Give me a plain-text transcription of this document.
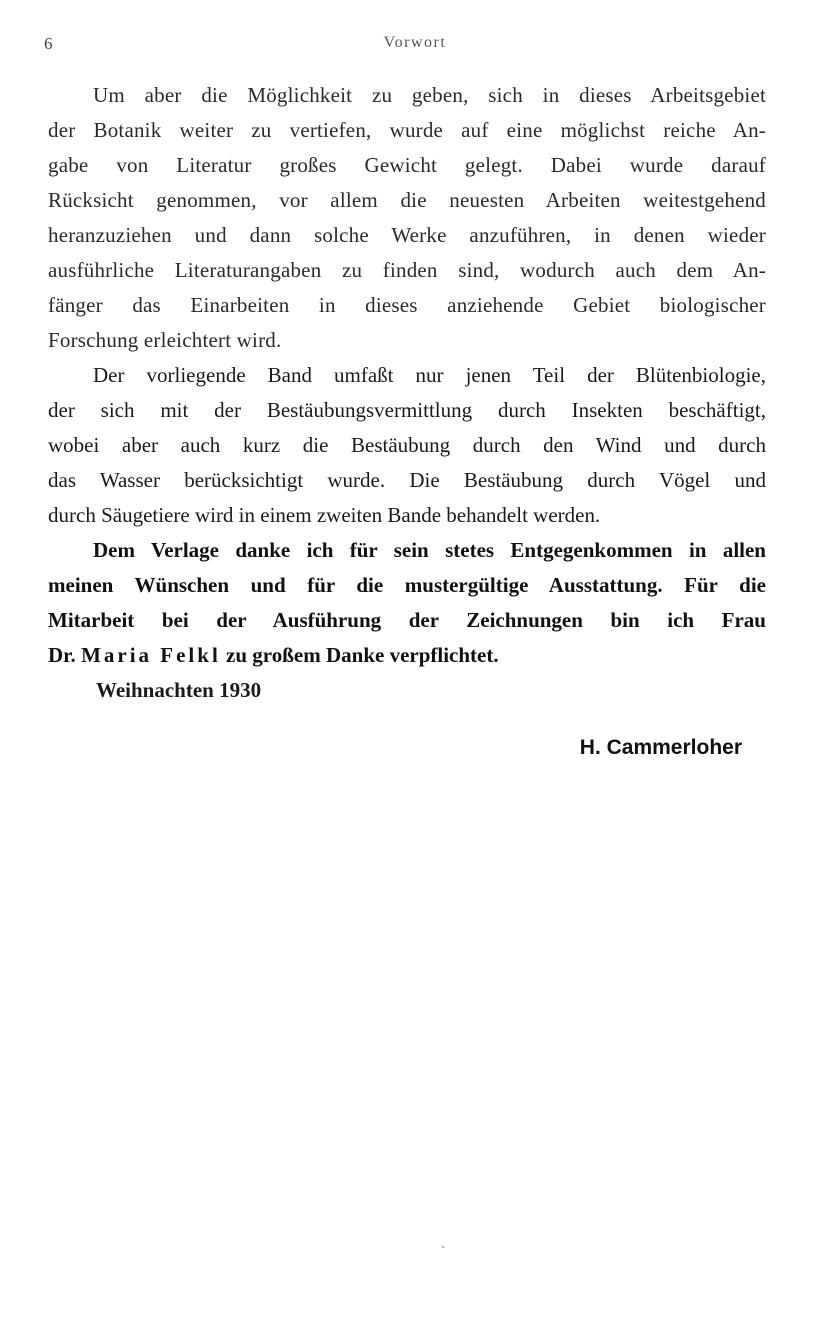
6	Vorwort

Um aber die Möglichkeit zu geben, sich in dieses Arbeitsgebiet
der Botanik weiter zu vertiefen, wurde auf eine möglichst reiche An-
gabe von Literatur großes Gewicht gelegt. Dabei wurde darauf
Rücksicht genommen, vor allem die neuesten Arbeiten weitestgehend
heranzuziehen und dann solche Werke anzuführen, in denen wieder
ausführliche Literaturangaben zu finden sind, wodurch auch dem An-
fänger das Einarbeiten in dieses anziehende Gebiet biologischer
Forschung erleichtert wird.

Der vorliegende Band umfaßt nur jenen Teil der Blütenbiologie,
der sich mit der Bestäubungsvermittlung durch Insekten beschäftigt,
wobei aber auch kurz die Bestäubung durch den Wind und durch
das Wasser berücksichtigt wurde. Die Bestäubung durch Vögel und
durch Säugetiere wird in einem zweiten Bande behandelt werden.

Dem Verlage danke ich für sein stetes Entgegenkommen in allen
meinen Wünschen und für die mustergültige Ausstattung. Für die
Mitarbeit bei der Ausführung der Zeichnungen bin ich Frau
Dr. Maria Felkl zu großem Danke verpflichtet.

Weihnachten 1930
H. Cammerloher
